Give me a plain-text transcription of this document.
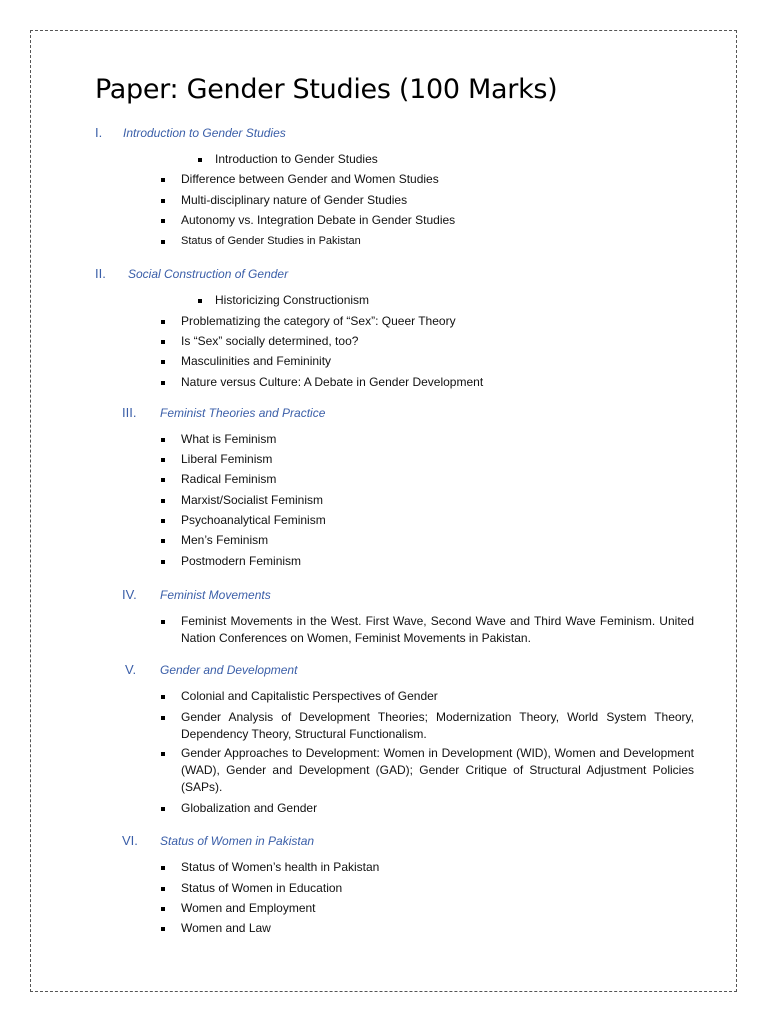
Paper: Gender Studies (100 Marks)
I. Introduction to Gender Studies
Introduction to Gender Studies
Difference between Gender and Women Studies
Multi-disciplinary nature of Gender Studies
Autonomy vs. Integration Debate in Gender Studies
Status of Gender Studies in Pakistan
II. Social Construction of Gender
Historicizing Constructionism
Problematizing the category of “Sex”: Queer Theory
Is “Sex” socially determined, too?
Masculinities and Femininity
Nature versus Culture: A Debate in Gender Development
III. Feminist Theories and Practice
What is Feminism
Liberal Feminism
Radical Feminism
Marxist/Socialist Feminism
Psychoanalytical Feminism
Men’s Feminism
Postmodern Feminism
IV. Feminist Movements
Feminist Movements in the West. First Wave, Second Wave and Third Wave Feminism. United Nation Conferences on Women, Feminist Movements in Pakistan.
V. Gender and Development
Colonial and Capitalistic Perspectives of Gender
Gender Analysis of Development Theories; Modernization Theory, World System Theory, Dependency Theory, Structural Functionalism.
Gender Approaches to Development: Women in Development (WID), Women and Development (WAD), Gender and Development (GAD); Gender Critique of Structural Adjustment Policies (SAPs).
Globalization and Gender
VI. Status of Women in Pakistan
Status of Women’s health in Pakistan
Status of Women in Education
Women and Employment
Women and Law
